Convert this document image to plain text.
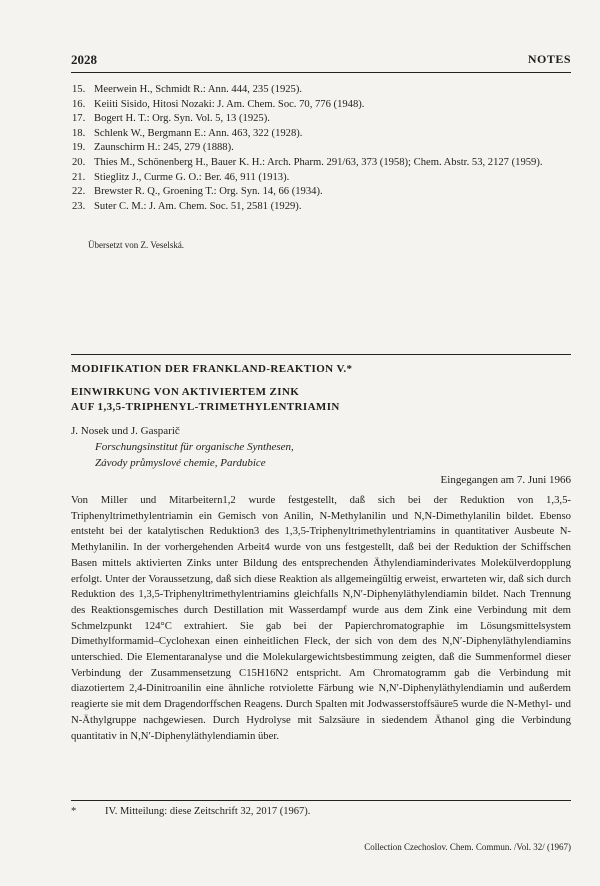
2028	NOTES
15. Meerwein H., Schmidt R.: Ann. 444, 235 (1925).
16. Keiiti Sisido, Hitosi Nozaki: J. Am. Chem. Soc. 70, 776 (1948).
17. Bogert H. T.: Org. Syn. Vol. 5, 13 (1925).
18. Schlenk W., Bergmann E.: Ann. 463, 322 (1928).
19. Zaunschirm H.: 245, 279 (1888).
20. Thies M., Schönenberg H., Bauer K. H.: Arch. Pharm. 291/63, 373 (1958); Chem. Abstr. 53, 2127 (1959).
21. Stieglitz J., Curme G. O.: Ber. 46, 911 (1913).
22. Brewster R. Q., Groening T.: Org. Syn. 14, 66 (1934).
23. Suter C. M.: J. Am. Chem. Soc. 51, 2581 (1929).
Übersetzt von Z. Veselská.
MODIFIKATION DER FRANKLAND-REAKTION V.*
EINWIRKUNG VON AKTIVIERTEM ZINK
AUF 1,3,5-TRIPHENYL-TRIMETHYLENTRIAMIN
J. Nosek und J. Gasparič
Forschungsinstitut für organische Synthesen,
Závody průmyslové chemie, Pardubice
Eingegangen am 7. Juni 1966
Von Miller und Mitarbeitern1,2 wurde festgestellt, daß sich bei der Reduktion von 1,3,5-Triphenyltrimethylentriamin ein Gemisch von Anilin, N-Methylanilin und N,N-Dimethylanilin bildet. Ebenso entsteht bei der katalytischen Reduktion3 des 1,3,5-Triphenyltrimethylentriamins in quantitativer Ausbeute N-Methylanilin. In der vorhergehenden Arbeit4 wurde von uns festgestellt, daß bei der Reduktion der Schiffschen Basen mittels aktivierten Zinks unter Bildung des entsprechenden Äthylendiaminderivates Molekülverdopplung erfolgt. Unter der Voraussetzung, daß sich diese Reaktion als allgemeingültig erweist, erwarteten wir, daß sich durch Reduktion des 1,3,5-Triphenyltrimethylentriamins gleichfalls N,N′-Diphenyläthylendiamin bildet. Nach Trennung des Reaktionsgemisches durch Destillation mit Wasserdampf wurde aus dem Zink eine Verbindung mit dem Schmelzpunkt 124°C extrahiert. Sie gab bei der Papierchromatographie im Lösungsmittelsystem Dimethylformamid–Cyclohexan einen einheitlichen Fleck, der sich von dem des N,N′-Diphenyläthylendiamins unterschied. Die Elementaranalyse und die Molekulargewichtsbestimmung zeigten, daß die Summenformel dieser Verbindung der Zusammensetzung C15H16N2 entspricht. Am Chromatogramm gab die Verbindung mit diazotiertem 2,4-Dinitroanilin eine ähnliche rotviolette Färbung wie N,N′-Diphenyläthylendiamin und außerdem reagierte sie mit dem Dragendorffschen Reagens. Durch Spalten mit Jodwasserstoffsäure5 wurde die N-Methyl- und N-Äthylgruppe nachgewiesen. Durch Hydrolyse mit Salzsäure in siedendem Äthanol ging die Verbindung quantitativ in N,N′-Diphenyläthylendiamin über.
*	IV. Mitteilung: diese Zeitschrift 32, 2017 (1967).
Collection Czechoslov. Chem. Commun. /Vol. 32/ (1967)
